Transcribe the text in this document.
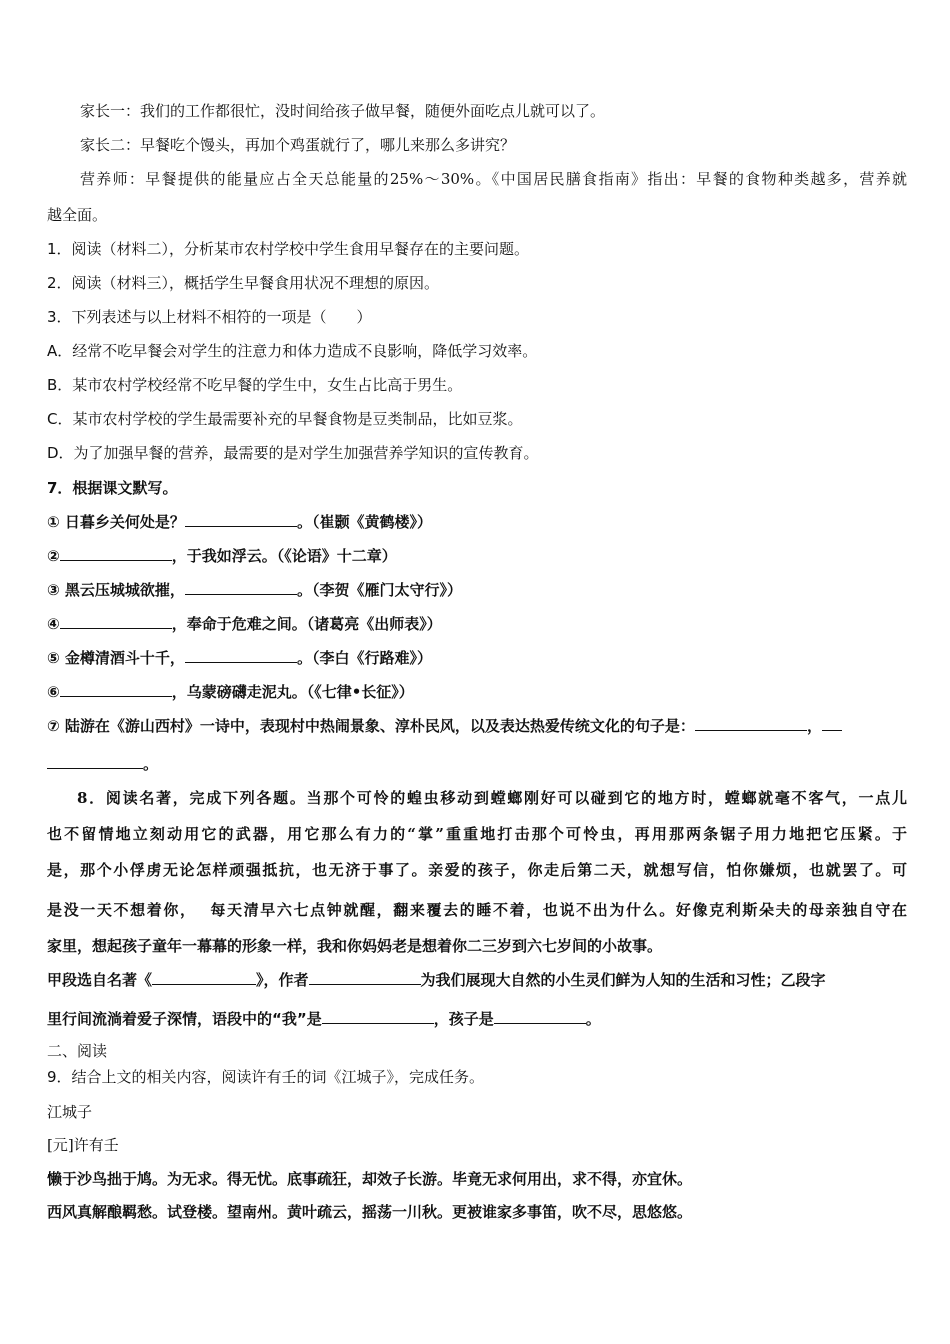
家长一：我们的工作都很忙，没时间给孩子做早餐，随便外面吃点儿就可以了。
家长二：早餐吃个馒头，再加个鸡蛋就行了，哪儿来那么多讲究？
营养师：早餐提供的能量应占全天总能量的25%～30%。《中国居民膳食指南》指出：早餐的食物种类越多，营养就
越全面。
1．阅读（材料二），分析某市农村学校中学生食用早餐存在的主要问题。
2．阅读（材料三），概括学生早餐食用状况不理想的原因。
3．下列表述与以上材料不相符的一项是（　　）
A．经常不吃早餐会对学生的注意力和体力造成不良影响，降低学习效率。
B．某市农村学校经常不吃早餐的学生中，女生占比高于男生。
C．某市农村学校的学生最需要补充的早餐食物是豆类制品，比如豆浆。
D．为了加强早餐的营养，最需要的是对学生加强营养学知识的宣传教育。
7．根据课文默写。
① 日暮乡关何处是？	。（崔颢《黄鹤楼》）
②	，于我如浮云。（《论语》十二章）
③ 黑云压城城欲摧，	。（李贺《雁门太守行》）
④	，奉命于危难之间。（诸葛亮《出师表》）
⑤ 金樽清酒斗十千，	。（李白《行路难》）
⑥	，乌蒙磅礴走泥丸。（《七律•长征》）
⑦ 陆游在《游山西村》一诗中，表现村中热闹景象、淳朴民风，以及表达热爱传统文化的句子是：	，
。
8．阅读名著，完成下列各题。当那个可怜的蝗虫移动到螳螂刚好可以碰到它的地方时，螳螂就毫不客气，一点儿
也不留情地立刻动用它的武器，用它那么有力的“掌”重重地打击那个可怜虫，再用那两条锯子用力地把它压紧。于
是，那个小俘虏无论怎样顽强抵抗，也无济于事了。亲爱的孩子，你走后第二天，就想写信，怕你嫌烦，也就罢了。可
是没一天不想着你，  每天清早六七点钟就醒，翻来覆去的睡不着，也说不出为什么。好像克利斯朵夫的母亲独自守在
家里，想起孩子童年一幕幕的形象一样，我和你妈妈老是想着你二三岁到六七岁间的小故事。
甲段选自名著《	》，作者	为我们展现大自然的小生灵们鲜为人知的生活和习性；乙段字
里行间流淌着爱子深情，语段中的“我”是	，孩子是	。
二、阅读
9．结合上文的相关内容，阅读许有壬的词《江城子》，完成任务。
江城子
[元]许有壬
懒于沙鸟拙于鸠。为无求。得无忧。底事疏狂，却效子长游。毕竟无求何用出，求不得，亦宜休。
西风真解酿羁愁。试登楼。望南州。黄叶疏云，摇荡一川秋。更被谁家多事笛，吹不尽，思悠悠。
